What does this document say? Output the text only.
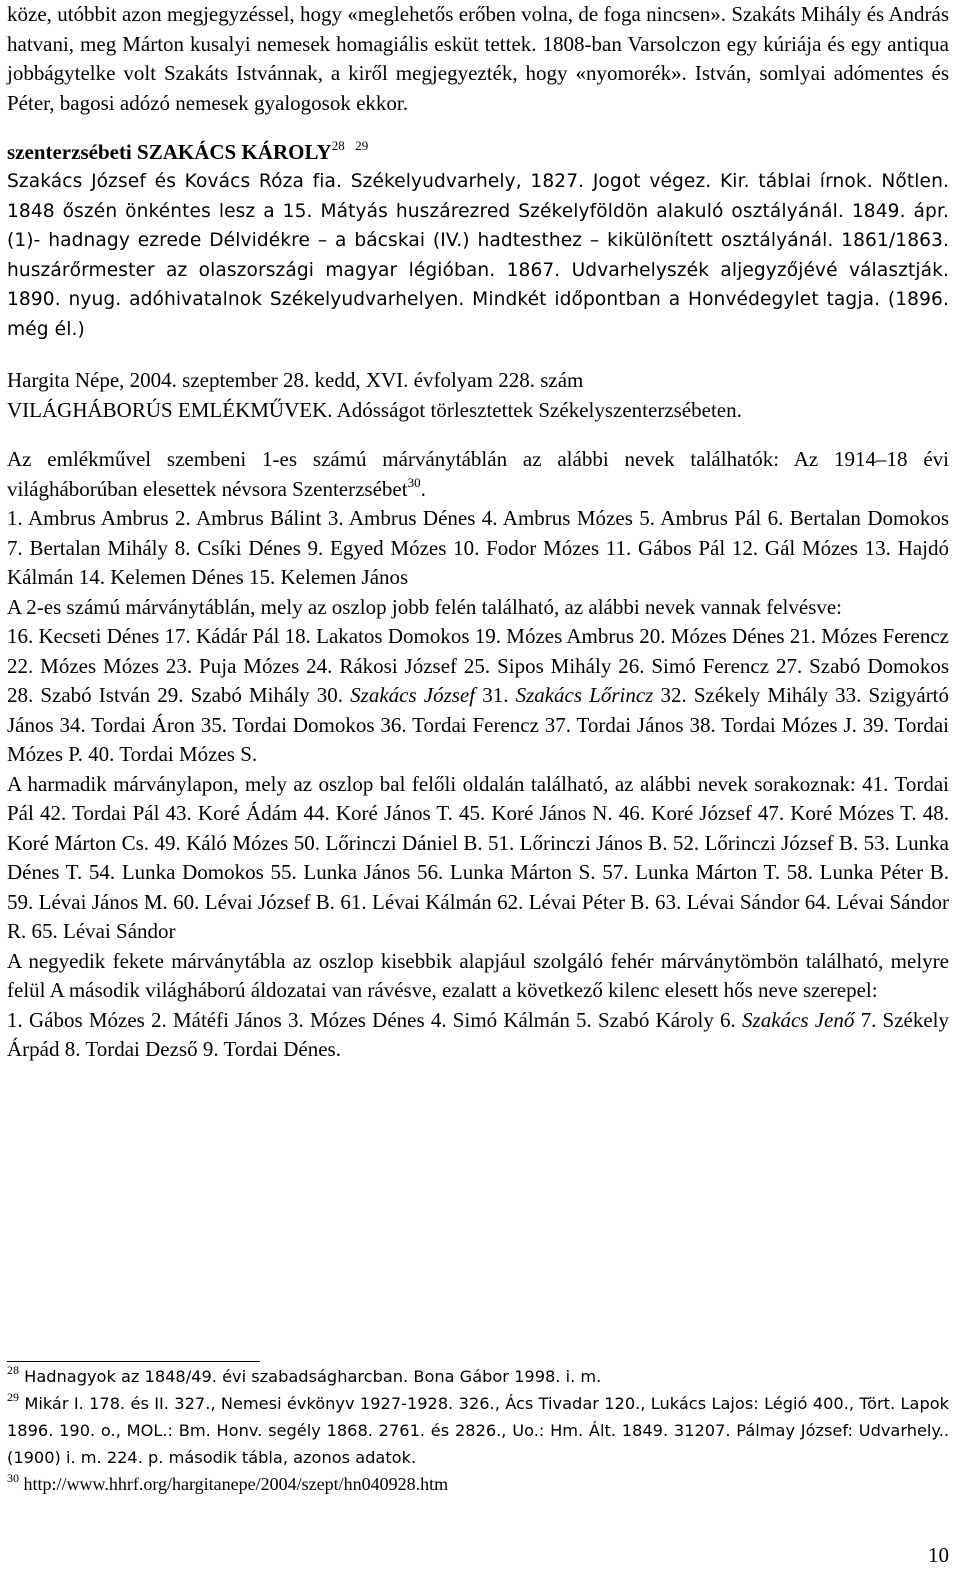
köze, utóbbit azon megjegyzéssel, hogy «meglehetős erőben volna, de foga nincsen». Szakáts Mihály és András hatvani, meg Márton kusalyi nemesek homagiális esküt tettek. 1808-ban Varsolczon egy kúriája és egy antiqua jobbágytelke volt Szakáts Istvánnak, a kiről megjegyezték, hogy «nyomorék». István, somlyai adómentes és Péter, bagosi adózó nemesek gyalogosok ekkor.

szenterzsébeti SZAKÁCS KÁROLY$^{28}$ $^{29}$

Szakács József és Kovács Róza fia. Székelyudvarhely, 1827. Jogot végez. Kir. táblai írnok. Nőtlen. 1848 őszén önkéntes lesz a 15. Mátyás huszárezred Székelyföldön alakuló osztályánál. 1849. ápr. (1)- hadnagy ezrede Délvidékre – a bácskai (IV.) hadtesthez – kikülönített osztályánál. 1861/1863. huszárőrmester az olaszországi magyar légióban. 1867. Udvarhelyszék aljegyzőjévé választják. 1890. nyug. adóhivatalnok Székelyudvarhelyen. Mindkét időpontban a Honvédegylet tagja. (1896. még él.)

Hargita Népe, 2004. szeptember 28. kedd, XVI. évfolyam 228. szám

VILÁGHÁBORÚS EMLÉKMŰVEK. Adósságot törlesztettek Székelyszenterzsébeten.

Az emlékművel szembeni 1-es számú márványtáblán az alábbi nevek találhatók: Az 1914–18 évi világháborúban elesettek névsora Szenterzsébet$^{30}$.

1. Ambrus Ambrus 2. Ambrus Bálint 3. Ambrus Dénes 4. Ambrus Mózes 5. Ambrus Pál 6. Bertalan Domokos 7. Bertalan Mihály 8. Csíki Dénes 9. Egyed Mózes 10. Fodor Mózes 11. Gábos Pál 12. Gál Mózes 13. Hajdó Kálmán 14. Kelemen Dénes 15. Kelemen János

A 2-es számú márványtáblán, mely az oszlop jobb felén található, az alábbi nevek vannak felvésve:

16. Kecseti Dénes 17. Kádár Pál 18. Lakatos Domokos 19. Mózes Ambrus 20. Mózes Dénes 21. Mózes Ferencz 22. Mózes Mózes 23. Puja Mózes 24. Rákosi József 25. Sipos Mihály 26. Simó Ferencz 27. Szabó Domokos 28. Szabó István 29. Szabó Mihály 30. Szakács József 31. Szakács Lőrincz 32. Székely Mihály 33. Szigyártó János 34. Tordai Áron 35. Tordai Domokos 36. Tordai Ferencz 37. Tordai János 38. Tordai Mózes J. 39. Tordai Mózes P. 40. Tordai Mózes S.

A harmadik márványlapon, mely az oszlop bal felőli oldalán található, az alábbi nevek sorakoznak: 41. Tordai Pál 42. Tordai Pál 43. Koré Ádám 44. Koré János T. 45. Koré János N. 46. Koré József 47. Koré Mózes T. 48. Koré Márton Cs. 49. Káló Mózes 50. Lőrinczi Dániel B. 51. Lőrinczi János B. 52. Lőrinczi József B. 53. Lunka Dénes T. 54. Lunka Domokos 55. Lunka János 56. Lunka Márton S. 57. Lunka Márton T. 58. Lunka Péter B. 59. Lévai János M. 60. Lévai József B. 61. Lévai Kálmán 62. Lévai Péter B. 63. Lévai Sándor 64. Lévai Sándor R. 65. Lévai Sándor

A negyedik fekete márványtábla az oszlop kisebbik alapjául szolgáló fehér márványtömbön található, melyre felül A második világháború áldozatai van rávésve, ezalatt a következő kilenc elesett hős neve szerepel:

1. Gábos Mózes 2. Mátéfi János 3. Mózes Dénes 4. Simó Kálmán 5. Szabó Károly 6. Szakács Jenő 7. Székely Árpád 8. Tordai Dezső 9. Tordai Dénes.

$^{28}$ Hadnagyok az 1848/49. évi szabadságharcban. Bona Gábor 1998. i. m.

$^{29}$ Mikár I. 178. és II. 327., Nemesi évkönyv 1927-1928. 326., Ács Tivadar 120., Lukács Lajos: Légió 400., Tört. Lapok 1896. 190. o., MOL.: Bm. Honv. segély 1868. 2761. és 2826., Uo.: Hm. Ált. 1849. 31207. Pálmay József: Udvarhely..(1900) i. m. 224. p. második tábla, azonos adatok.

$^{30}$ http://www.hhrf.org/hargitanepe/2004/szept/hn040928.htm

10
